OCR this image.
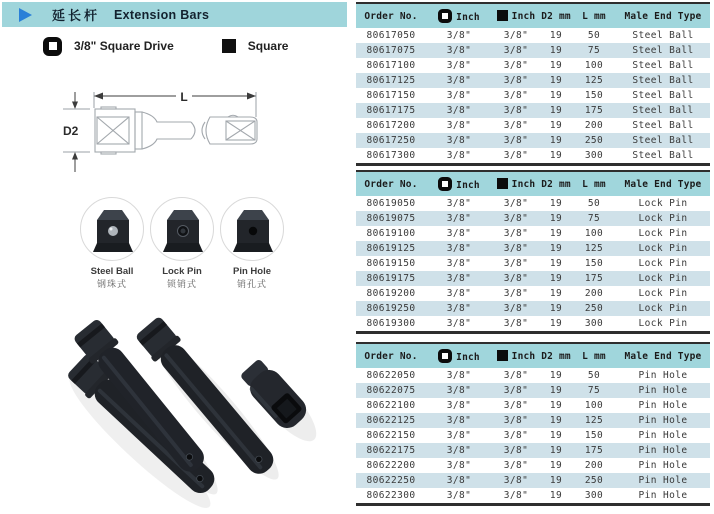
延长杆 Extension Bars
3/8" Square Drive	Square
L
D2
Steel Ball
钢珠式
Lock Pin
锁销式
Pin Hole
销孔式
Order No.	Inch	Inch	D2 mm	L mm	Male End Type
80617050	3/8"	3/8"	19	50	Steel Ball
80617075	3/8"	3/8"	19	75	Steel Ball
80617100	3/8"	3/8"	19	100	Steel Ball
80617125	3/8"	3/8"	19	125	Steel Ball
80617150	3/8"	3/8"	19	150	Steel Ball
80617175	3/8"	3/8"	19	175	Steel Ball
80617200	3/8"	3/8"	19	200	Steel Ball
80617250	3/8"	3/8"	19	250	Steel Ball
80617300	3/8"	3/8"	19	300	Steel Ball
Order No.	Inch	Inch	D2 mm	L mm	Male End Type
80619050	3/8"	3/8"	19	50	Lock Pin
80619075	3/8"	3/8"	19	75	Lock Pin
80619100	3/8"	3/8"	19	100	Lock Pin
80619125	3/8"	3/8"	19	125	Lock Pin
80619150	3/8"	3/8"	19	150	Lock Pin
80619175	3/8"	3/8"	19	175	Lock Pin
80619200	3/8"	3/8"	19	200	Lock Pin
80619250	3/8"	3/8"	19	250	Lock Pin
80619300	3/8"	3/8"	19	300	Lock Pin
Order No.	Inch	Inch	D2 mm	L mm	Male End Type
80622050	3/8"	3/8"	19	50	Pin Hole
80622075	3/8"	3/8"	19	75	Pin Hole
80622100	3/8"	3/8"	19	100	Pin Hole
80622125	3/8"	3/8"	19	125	Pin Hole
80622150	3/8"	3/8"	19	150	Pin Hole
80622175	3/8"	3/8"	19	175	Pin Hole
80622200	3/8"	3/8"	19	200	Pin Hole
80622250	3/8"	3/8"	19	250	Pin Hole
80622300	3/8"	3/8"	19	300	Pin Hole
